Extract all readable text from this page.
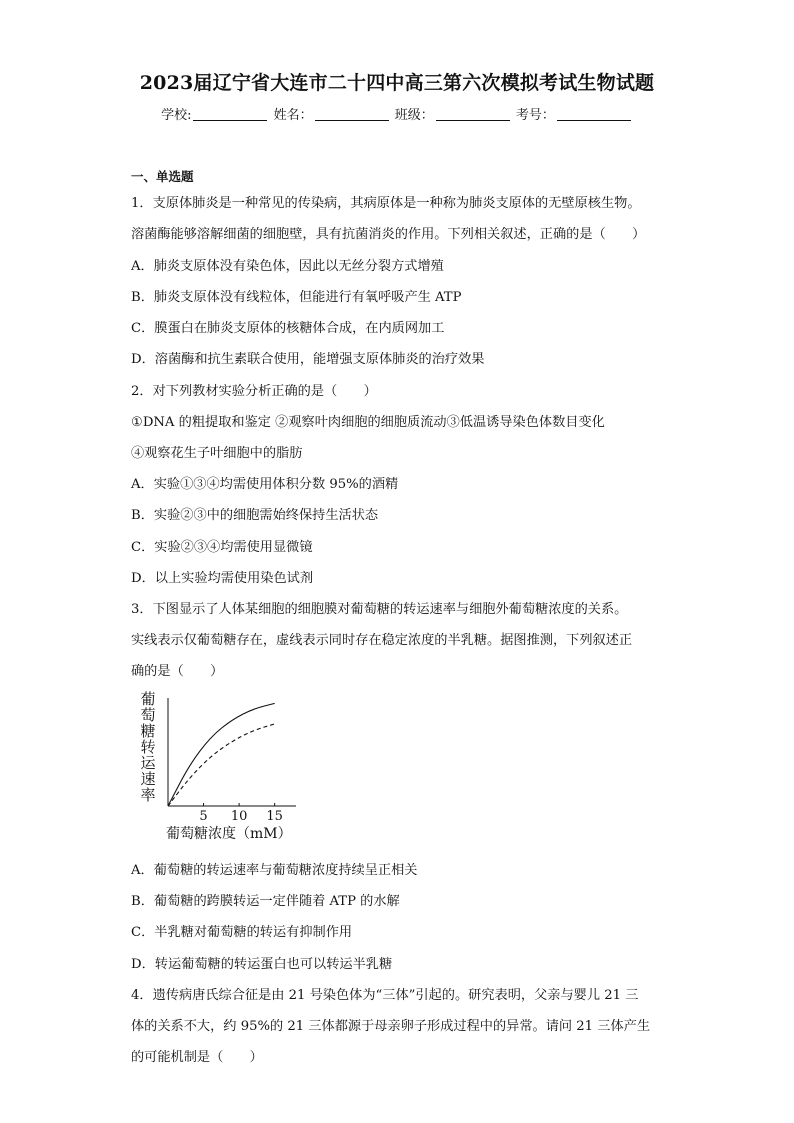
2023届辽宁省大连市二十四中高三第六次模拟考试生物试题
学校:	姓名：	班级：	考号：
一、单选题
1．支原体肺炎是一种常见的传染病，其病原体是一种称为肺炎支原体的无壁原核生物。
溶菌酶能够溶解细菌的细胞壁，具有抗菌消炎的作用。下列相关叙述，正确的是（　　）
A．肺炎支原体没有染色体，因此以无丝分裂方式增殖
B．肺炎支原体没有线粒体，但能进行有氧呼吸产生 ATP
C．膜蛋白在肺炎支原体的核糖体合成，在内质网加工
D．溶菌酶和抗生素联合使用，能增强支原体肺炎的治疗效果
2．对下列教材实验分析正确的是（　　）
①DNA 的粗提取和鉴定 ②观察叶肉细胞的细胞质流动③低温诱导染色体数目变化
④观察花生子叶细胞中的脂肪
A．实验①③④均需使用体积分数 95%的酒精
B．实验②③中的细胞需始终保持生活状态
C．实验②③④均需使用显微镜
D．以上实验均需使用染色试剂
3．下图显示了人体某细胞的细胞膜对葡萄糖的转运速率与细胞外葡萄糖浓度的关系。
实线表示仅葡萄糖存在，虚线表示同时存在稳定浓度的半乳糖。据图推测，下列叙述正
确的是（　　）
葡
萄
糖
转
运
速
率
5 10 15
葡萄糖浓度（mM）
A．葡萄糖的转运速率与葡萄糖浓度持续呈正相关
B．葡萄糖的跨膜转运一定伴随着 ATP 的水解
C．半乳糖对葡萄糖的转运有抑制作用
D．转运葡萄糖的转运蛋白也可以转运半乳糖
4．遗传病唐氏综合征是由 21 号染色体为“三体”引起的。研究表明，父亲与婴儿 21 三
体的关系不大，约 95%的 21 三体都源于母亲卵子形成过程中的异常。请问 21 三体产生
的可能机制是（　　）
